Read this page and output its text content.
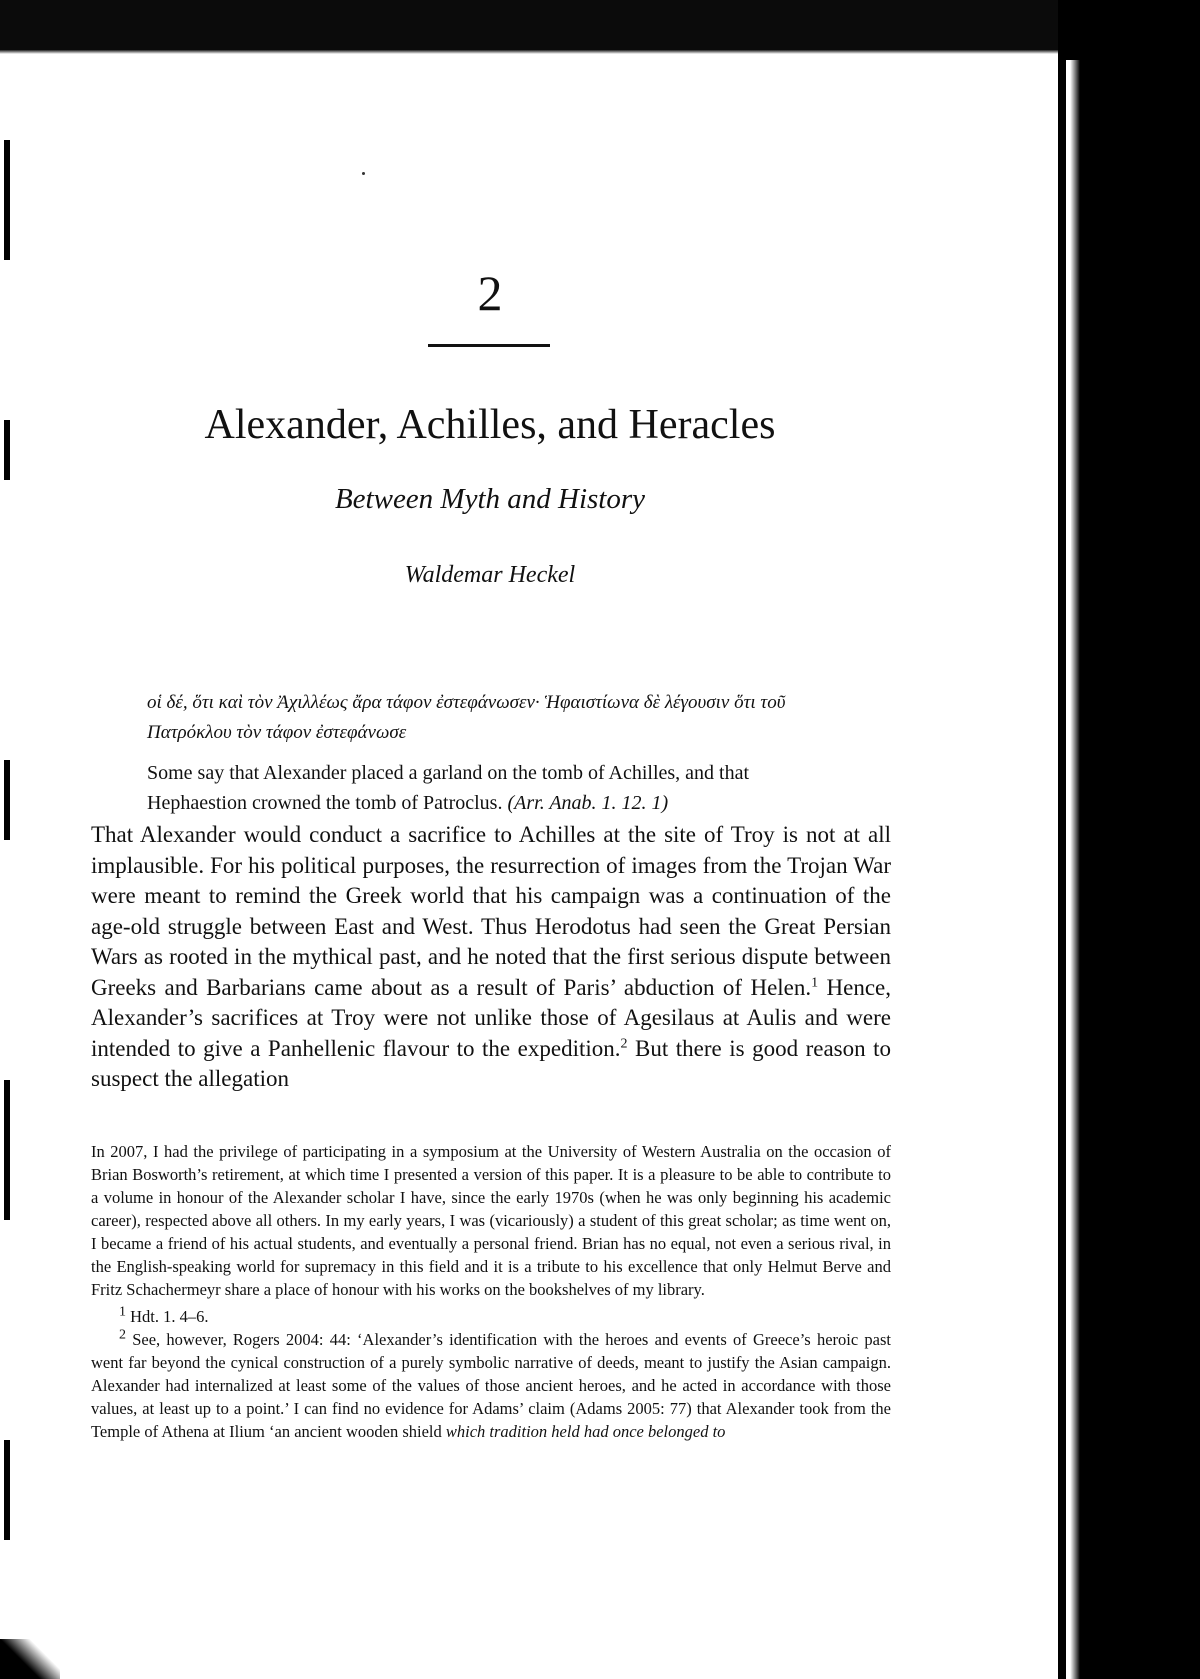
2
Alexander, Achilles, and Heracles
Between Myth and History
Waldemar Heckel

οἱ δέ, ὅτι καὶ τὸν Ἀχιλλέως ἄρα τάφον ἐστεφάνωσεν· Ἡφαιστίωνα δὲ λέγουσιν ὅτι τοῦ Πατρόκλου τὸν τάφον ἐστεφάνωσε

Some say that Alexander placed a garland on the tomb of Achilles, and that Hephaestion crowned the tomb of Patroclus. (Arr. Anab. 1. 12. 1)

That Alexander would conduct a sacrifice to Achilles at the site of Troy is not at all implausible. For his political purposes, the resurrection of images from the Trojan War were meant to remind the Greek world that his campaign was a continuation of the age-old struggle between East and West. Thus Herodotus had seen the Great Persian Wars as rooted in the mythical past, and he noted that the first serious dispute between Greeks and Barbarians came about as a result of Paris’ abduction of Helen.$^1$ Hence, Alexander’s sacrifices at Troy were not unlike those of Agesilaus at Aulis and were intended to give a Panhellenic flavour to the expedition.$^2$ But there is good reason to suspect the allegation

In 2007, I had the privilege of participating in a symposium at the University of Western Australia on the occasion of Brian Bosworth’s retirement, at which time I presented a version of this paper. It is a pleasure to be able to contribute to a volume in honour of the Alexander scholar I have, since the early 1970s (when he was only beginning his academic career), respected above all others. In my early years, I was (vicariously) a student of this great scholar; as time went on, I became a friend of his actual students, and eventually a personal friend. Brian has no equal, not even a serious rival, in the English-speaking world for supremacy in this field and it is a tribute to his excellence that only Helmut Berve and Fritz Schachermeyr share a place of honour with his works on the bookshelves of my library.

$^1$ Hdt. 1. 4–6.

$^2$ See, however, Rogers 2004: 44: ‘Alexander’s identification with the heroes and events of Greece’s heroic past went far beyond the cynical construction of a purely symbolic narrative of deeds, meant to justify the Asian campaign. Alexander had internalized at least some of the values of those ancient heroes, and he acted in accordance with those values, at least up to a point.’ I can find no evidence for Adams’ claim (Adams 2005: 77) that Alexander took from the Temple of Athena at Ilium ‘an ancient wooden shield which tradition held had once belonged to
